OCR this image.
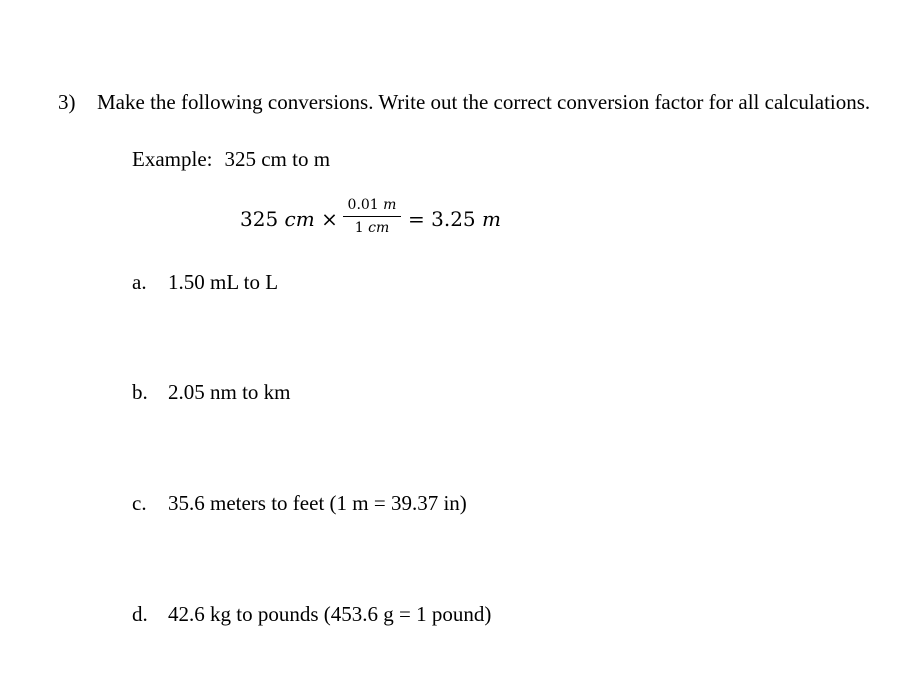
3) Make the following conversions. Write out the correct conversion factor for all calculations.
Example: 325 cm to m
325 cm ×
0.01 m
1 cm = 3.25 m
a. 1.50 mL to L
b. 2.05 nm to km
c. 35.6 meters to feet (1 m = 39.37 in)
d. 42.6 kg to pounds (453.6 g = 1 pound)
